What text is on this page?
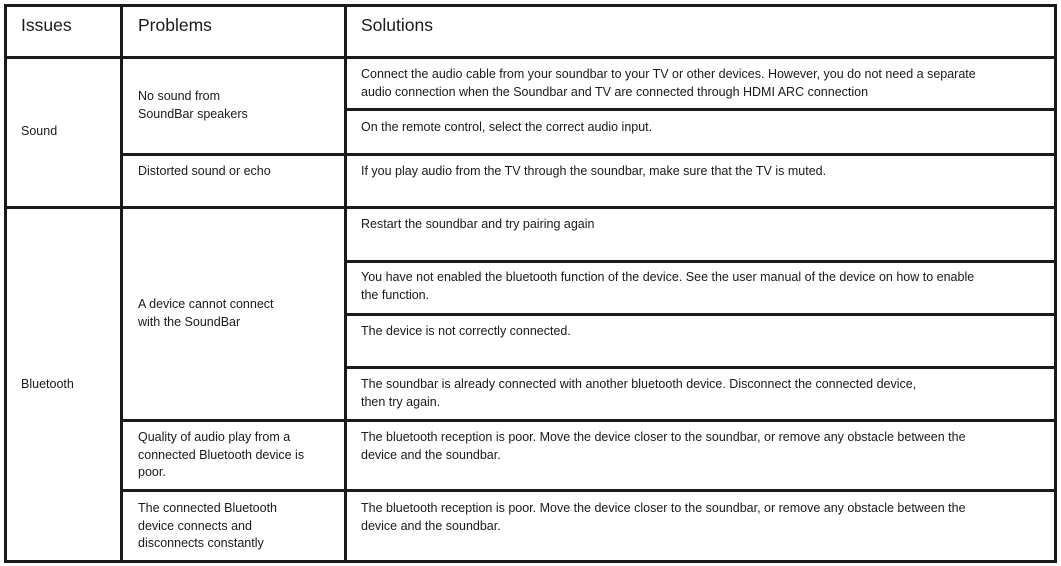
Issues	Problems	Solutions
Sound
Bluetooth
No sound from
SoundBar speakers
Distorted sound or echo
A device cannot connect
with the SoundBar
Quality of audio play from a
connected Bluetooth device is
poor.
The connected Bluetooth
device connects and
disconnects constantly
Connect the audio cable from your soundbar to your TV or other devices. However, you do not need a separate
audio connection when the Soundbar and TV are connected through HDMI ARC connection
On the remote control, select the correct audio input.
If you play audio from the TV through the soundbar, make sure that the TV is muted.
Restart the soundbar and try pairing again
You have not enabled the bluetooth function of the device. See the user manual of the device on how to enable
the function.
The device is not correctly connected.
The soundbar is already connected with another bluetooth device. Disconnect the connected device,
then try again.
The bluetooth reception is poor. Move the device closer to the soundbar, or remove any obstacle between the
device and the soundbar.
The bluetooth reception is poor. Move the device closer to the soundbar, or remove any obstacle between the
device and the soundbar.
